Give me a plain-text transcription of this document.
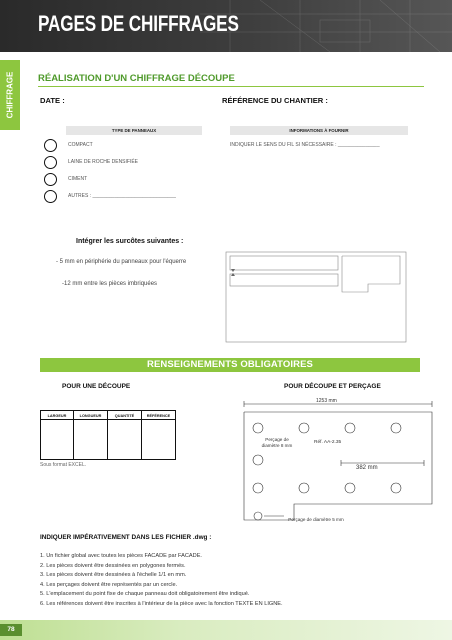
PAGES DE CHIFFRAGES
CHIFFRAGE RÉALISATION D'UN CHIFFRAGE DÉCOUPE
DATE :	RÉFÉRENCE DU CHANTIER :
TYPE DE PANNEAUX	INFORMATIONS À FOURNIR
COMPACT
LAINE DE ROCHE DENSIFIÉE
CIMENT
AUTRES : ______________________________
INDIQUER LE SENS DU FIL SI NÉCESSAIRE : _______________
Intégrer les surcôtes suivantes :
- 5 mm en périphérie du panneaux pour l'équerre
-12 mm entre les pièces imbriquées
RENSEIGNEMENTS OBLIGATOIRES
POUR UNE DÉCOUPE	POUR DÉCOUPE ET PERÇAGE
LARGEUR	LONGUEUR	QUANTITÉ	RÉFÉRENCE
Sous format EXCEL.
1253 mm
Perçage de diamètre 8 mm
Réf. AA-2.35
382 mm
Perçage de diamètre 5 mm
INDIQUER IMPÉRATIVEMENT DANS LES FICHIER .dwg :
1. Un fichier global avec toutes les pièces FACADE par FACADE.
2. Les pièces doivent être dessinées en polygones fermés.
3. Les pièces doivent être dessinées à l'échelle 1/1 en mm.
4. Les perçages doivent être représentés par un cercle.
5. L'emplacement du point fixe de chaque panneau doit obligatoirement être indiqué.
6. Les références doivent être inscrites à l'intérieur de la pièce avec la fonction TEXTE EN LIGNE.
78
